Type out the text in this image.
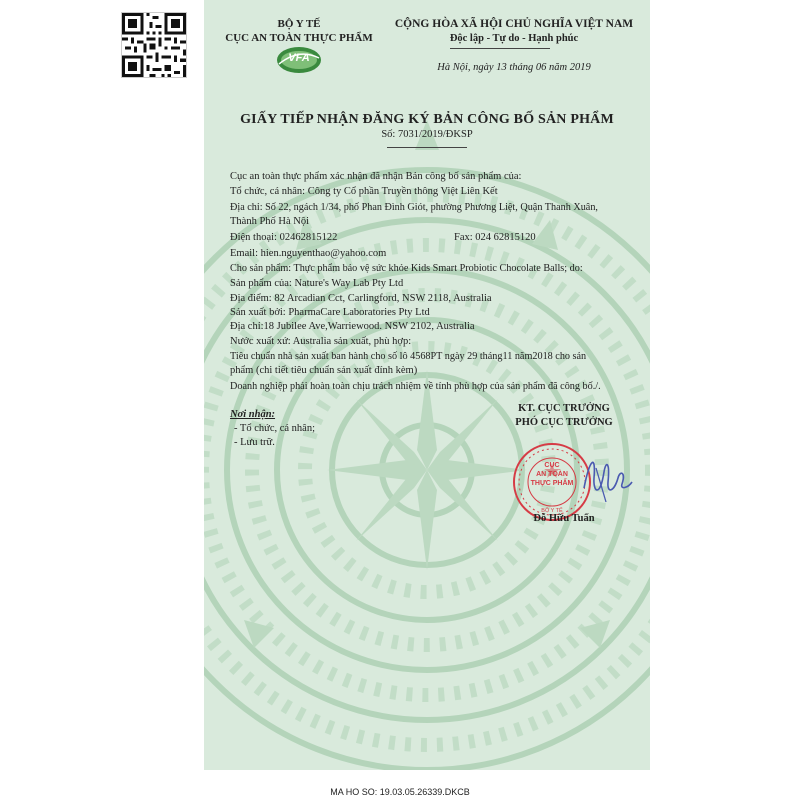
BỘ Y TẾ
CỤC AN TOÀN THỰC PHẨM
VFA
CỘNG HÒA XÃ HỘI CHỦ NGHĨA VIỆT NAM
Độc lập - Tự do - Hạnh phúc
Hà Nội, ngày 13 tháng 06 năm 2019
GIẤY TIẾP NHẬN ĐĂNG KÝ BẢN CÔNG BỐ SẢN PHẨM
Số: 7031/2019/ĐKSP
Cục an toàn thực phẩm xác nhận đã nhận Bản công bố sản phẩm của:
Tổ chức, cá nhân: Công ty Cổ phần Truyền thông Việt Liên Kết
Địa chỉ: Số 22, ngách 1/34, phố Phan Đình Giót, phường Phương Liệt, Quận Thanh Xuân,
Thành Phố Hà Nội
Điện thoại: 02462815122	Fax: 024 62815120
Email: hien.nguyenthao@yahoo.com
Cho sản phẩm: Thực phẩm bảo vệ sức khỏe Kids Smart Probiotic Chocolate Balls; do:
Sản phẩm của: Nature's Way Lab Pty Ltd
Địa điểm: 82 Arcadian Cct, Carlingford, NSW 2118, Australia
Sản xuất bởi: PharmaCare Laboratories Pty Ltd
Địa chỉ:18 Jubilee Ave,Warriewood. NSW 2102, Australia
Nước xuất xứ: Australia sản xuất, phù hợp:
Tiêu chuẩn nhà sản xuất ban hành cho số lô 4568PT ngày 29 tháng11 năm2018 cho sản
phẩm (chi tiết tiêu chuẩn sản xuất đính kèm)
Doanh nghiệp phải hoàn toàn chịu trách nhiệm về tính phù hợp của sản phẩm đã công bố./.
Nơi nhận:
- Tổ chức, cá nhân;
- Lưu trữ.
KT. CỤC TRƯỞNG
PHÓ CỤC TRƯỞNG
CỤC
AN TOÀN
THỰC PHẨM
BỘ Y TẾ
Đỗ Hữu Tuấn
MA HO SO: 19.03.05.26339.DKCB
